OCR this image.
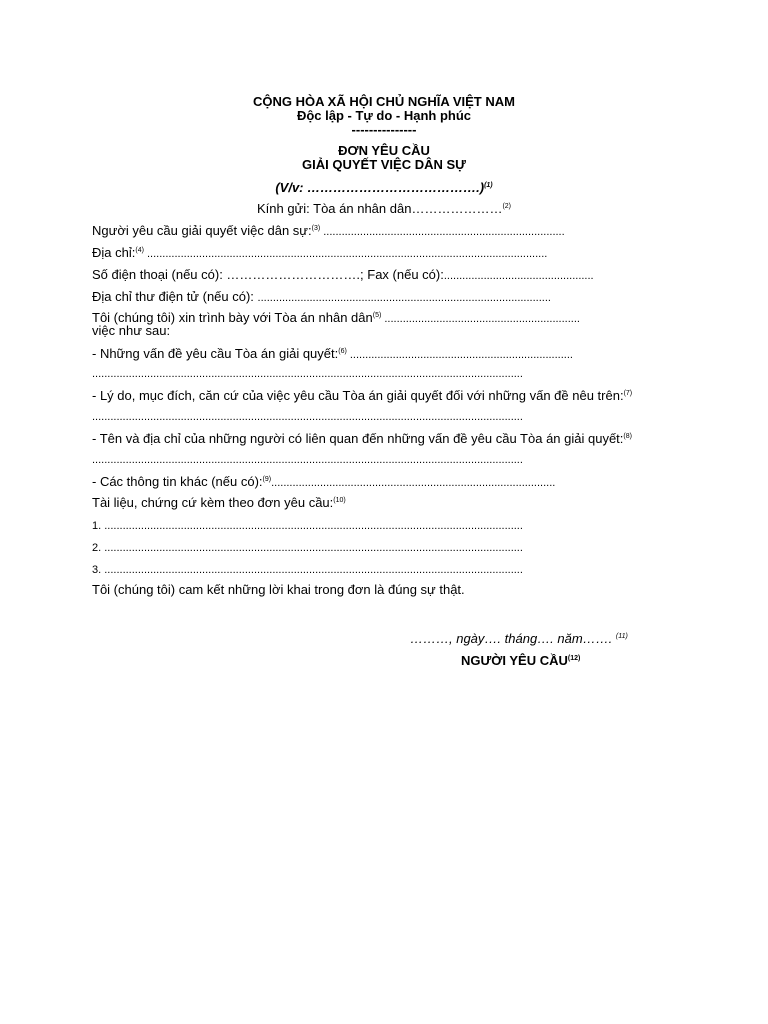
CỘNG HÒA XÃ HỘI CHỦ NGHĨA VIỆT NAM
Độc lập - Tự do - Hạnh phúc
---------------
ĐƠN YÊU CẦU
GIẢI QUYẾT VIỆC DÂN SỰ
(V/v: ………………………………….)$^{(1)}$
Kính gửi: Tòa án nhân dân…………………$^{(2)}$
Người yêu cầu giải quyết việc dân sự:$^{(3)}$ ...............................................................................
Địa chỉ:$^{(4)}$ ...................................................................................................................................
Số điện thoại (nếu có): ………………………….; Fax (nếu có):.................................................
Địa chỉ thư điện tử (nếu có): ................................................................................................
Tôi (chúng tôi) xin trình bày với Tòa án nhân dân$^{(5)}$ ................................................................
việc như sau:
- Những vấn đề yêu cầu Tòa án giải quyết:$^{(6)}$ .........................................................................
.............................................................................................................................................
- Lý do, mục đích, căn cứ của việc yêu cầu Tòa án giải quyết đối với những vấn đề nêu trên:$^{(7)}$
.............................................................................................................................................
- Tên và địa chỉ của những người có liên quan đến những vấn đề yêu cầu Tòa án giải quyết:$^{(8)}$
.............................................................................................................................................
- Các thông tin khác (nếu có):$^{(9)}$.............................................................................................
Tài liệu, chứng cứ kèm theo đơn yêu cầu:$^{(10)}$
1. .........................................................................................................................................
2. .........................................................................................................................................
3. .........................................................................................................................................
Tôi (chúng tôi) cam kết những lời khai trong đơn là đúng sự thật.
………, ngày…. tháng…. năm……. $^{(11)}$
NGƯỜI YÊU CẦU$^{(12)}$
